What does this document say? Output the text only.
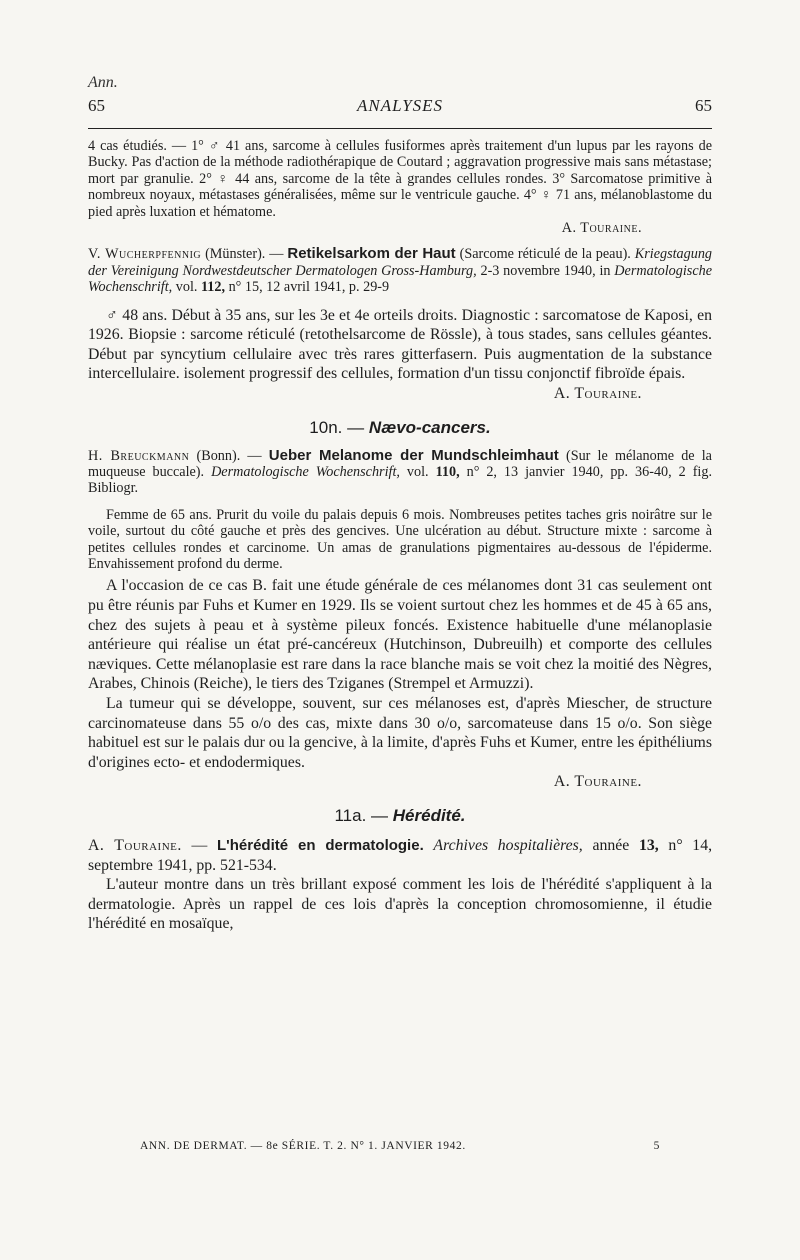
Ann.
65	ANALYSES	65

4 cas étudiés. — 1° ♂ 41 ans, sarcome à cellules fusiformes après traitement d'un lupus par les rayons de Bucky. Pas d'action de la méthode radiothérapique de Coutard ; aggravation progressive mais sans métastase; mort par granulie. 2° ♀ 44 ans, sarcome de la tête à grandes cellules rondes. 3° Sarcomatose primitive à nombreux noyaux, métastases généralisées, même sur le ventricule gauche. 4° ♀ 71 ans, mélanoblastome du pied après luxation et hématome.

A. Touraine.

V. Wucherpfennig (Münster). — Retikelsarkom der Haut (Sarcome réticulé de la peau). Kriegstagung der Vereinigung Nordwestdeutscher Dermatologen Gross-Hamburg, 2-3 novembre 1940, in Dermatologische Wochenschrift, vol. 112, n° 15, 12 avril 1941, p. 29-9

♂ 48 ans. Début à 35 ans, sur les 3e et 4e orteils droits. Diagnostic : sarcomatose de Kaposi, en 1926. Biopsie : sarcome réticulé (retothelsarcome de Rössle), à tous stades, sans cellules géantes. Début par syncytium cellulaire avec très rares gitterfasern. Puis augmentation de la substance intercellulaire. isolement progressif des cellules, formation d'un tissu conjonctif fibroïde épais.

A. Touraine.

10n. — Nævo-cancers.

H. Breuckmann (Bonn). — Ueber Melanome der Mundschleimhaut (Sur le mélanome de la muqueuse buccale). Dermatologische Wochenschrift, vol. 110, n° 2, 13 janvier 1940, pp. 36-40, 2 fig. Bibliogr.

Femme de 65 ans. Prurit du voile du palais depuis 6 mois. Nombreuses petites taches gris noirâtre sur le voile, surtout du côté gauche et près des gencives. Une ulcération au début. Structure mixte : sarcome à petites cellules rondes et carcinome. Un amas de granulations pigmentaires au-dessous de l'épiderme. Envahissement profond du derme.

A l'occasion de ce cas B. fait une étude générale de ces mélanomes dont 31 cas seulement ont pu être réunis par Fuhs et Kumer en 1929. Ils se voient surtout chez les hommes et de 45 à 65 ans, chez des sujets à peau et à système pileux foncés. Existence habituelle d'une mélanoplasie antérieure qui réalise un état pré-cancéreux (Hutchinson, Dubreuilh) et comporte des cellules næviques. Cette mélanoplasie est rare dans la race blanche mais se voit chez la moitié des Nègres, Arabes, Chinois (Reiche), le tiers des Tziganes (Strempel et Armuzzi).

La tumeur qui se développe, souvent, sur ces mélanoses est, d'après Miescher, de structure carcinomateuse dans 55 o/o des cas, mixte dans 30 o/o, sarcomateuse dans 15 o/o. Son siège habituel est sur le palais dur ou la gencive, à la limite, d'après Fuhs et Kumer, entre les épithéliums d'origines ecto- et endodermiques.

A. Touraine.

11a. — Hérédité.

A. Touraine. — L'hérédité en dermatologie. Archives hospitalières, année 13, n° 14, septembre 1941, pp. 521-534.

L'auteur montre dans un très brillant exposé comment les lois de l'hérédité s'appliquent à la dermatologie. Après un rappel de ces lois d'après la conception chromosomienne, il étudie l'hérédité en mosaïque,

ANN. DE DERMAT. — 8e SÉRIE. T. 2. N° 1. JANVIER 1942.	5
